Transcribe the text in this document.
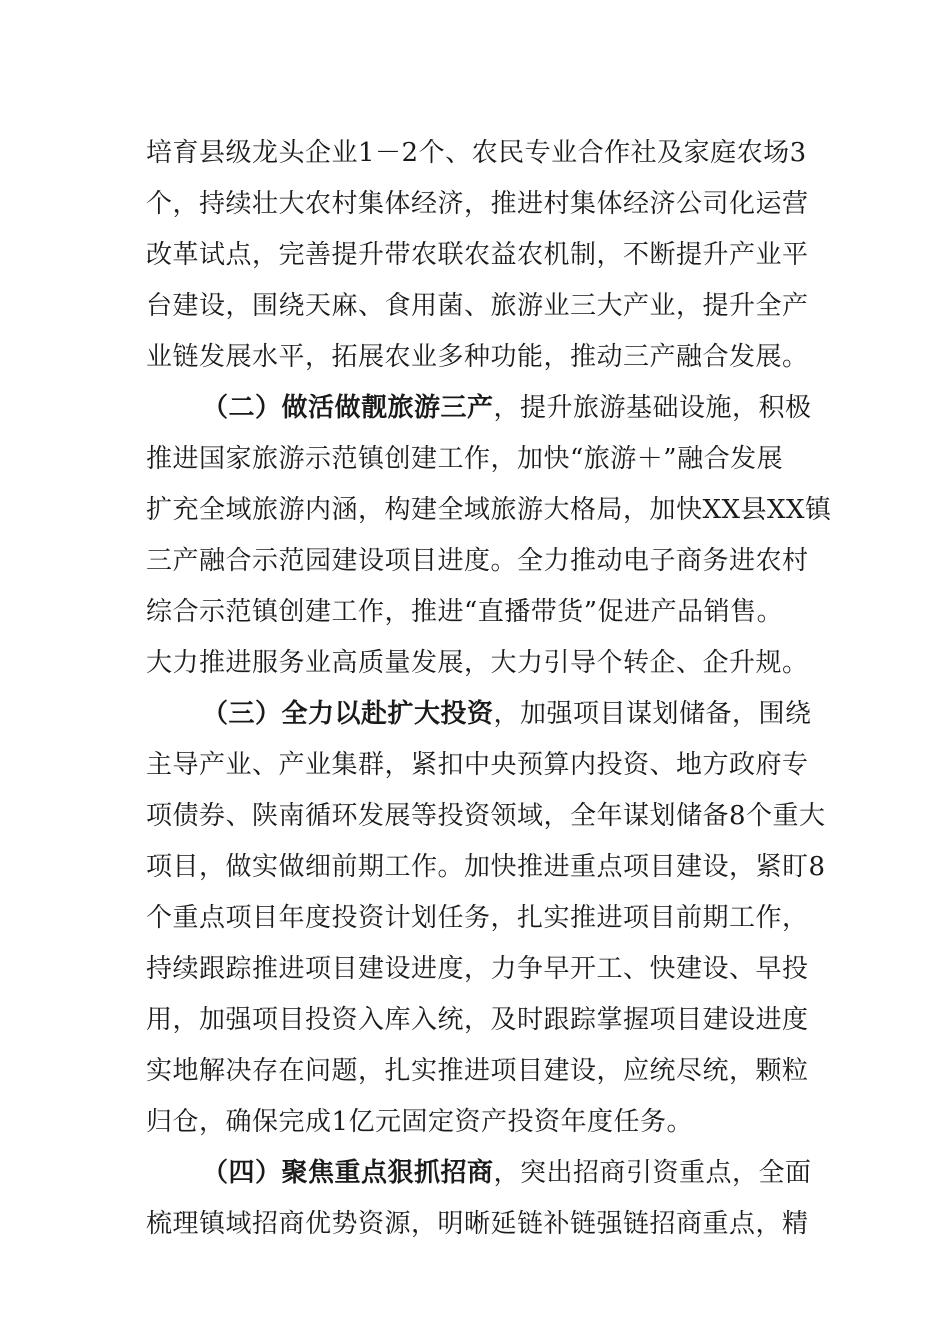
培育县级龙头企业1－2个、农民专业合作社及家庭农场3
个，持续壮大农村集体经济，推进村集体经济公司化运营
改革试点，完善提升带农联农益农机制，不断提升产业平
台建设，围绕天麻、食用菌、旅游业三大产业，提升全产
业链发展水平，拓展农业多种功能，推动三产融合发展。
（二）做活做靓旅游三产，提升旅游基础设施，积极
推进国家旅游示范镇创建工作，加快“旅游＋”融合发展
扩充全域旅游内涵，构建全域旅游大格局，加快XX县XX镇
三产融合示范园建设项目进度。全力推动电子商务进农村
综合示范镇创建工作，推进“直播带货”促进产品销售。
大力推进服务业高质量发展，大力引导个转企、企升规。
（三）全力以赴扩大投资，加强项目谋划储备，围绕
主导产业、产业集群，紧扣中央预算内投资、地方政府专
项债券、陕南循环发展等投资领域，全年谋划储备8个重大
项目，做实做细前期工作。加快推进重点项目建设，紧盯8
个重点项目年度投资计划任务，扎实推进项目前期工作，
持续跟踪推进项目建设进度，力争早开工、快建设、早投
用，加强项目投资入库入统，及时跟踪掌握项目建设进度
实地解决存在问题，扎实推进项目建设，应统尽统，颗粒
归仓，确保完成1亿元固定资产投资年度任务。
（四）聚焦重点狠抓招商，突出招商引资重点，全面
梳理镇域招商优势资源，明晰延链补链强链招商重点，精
